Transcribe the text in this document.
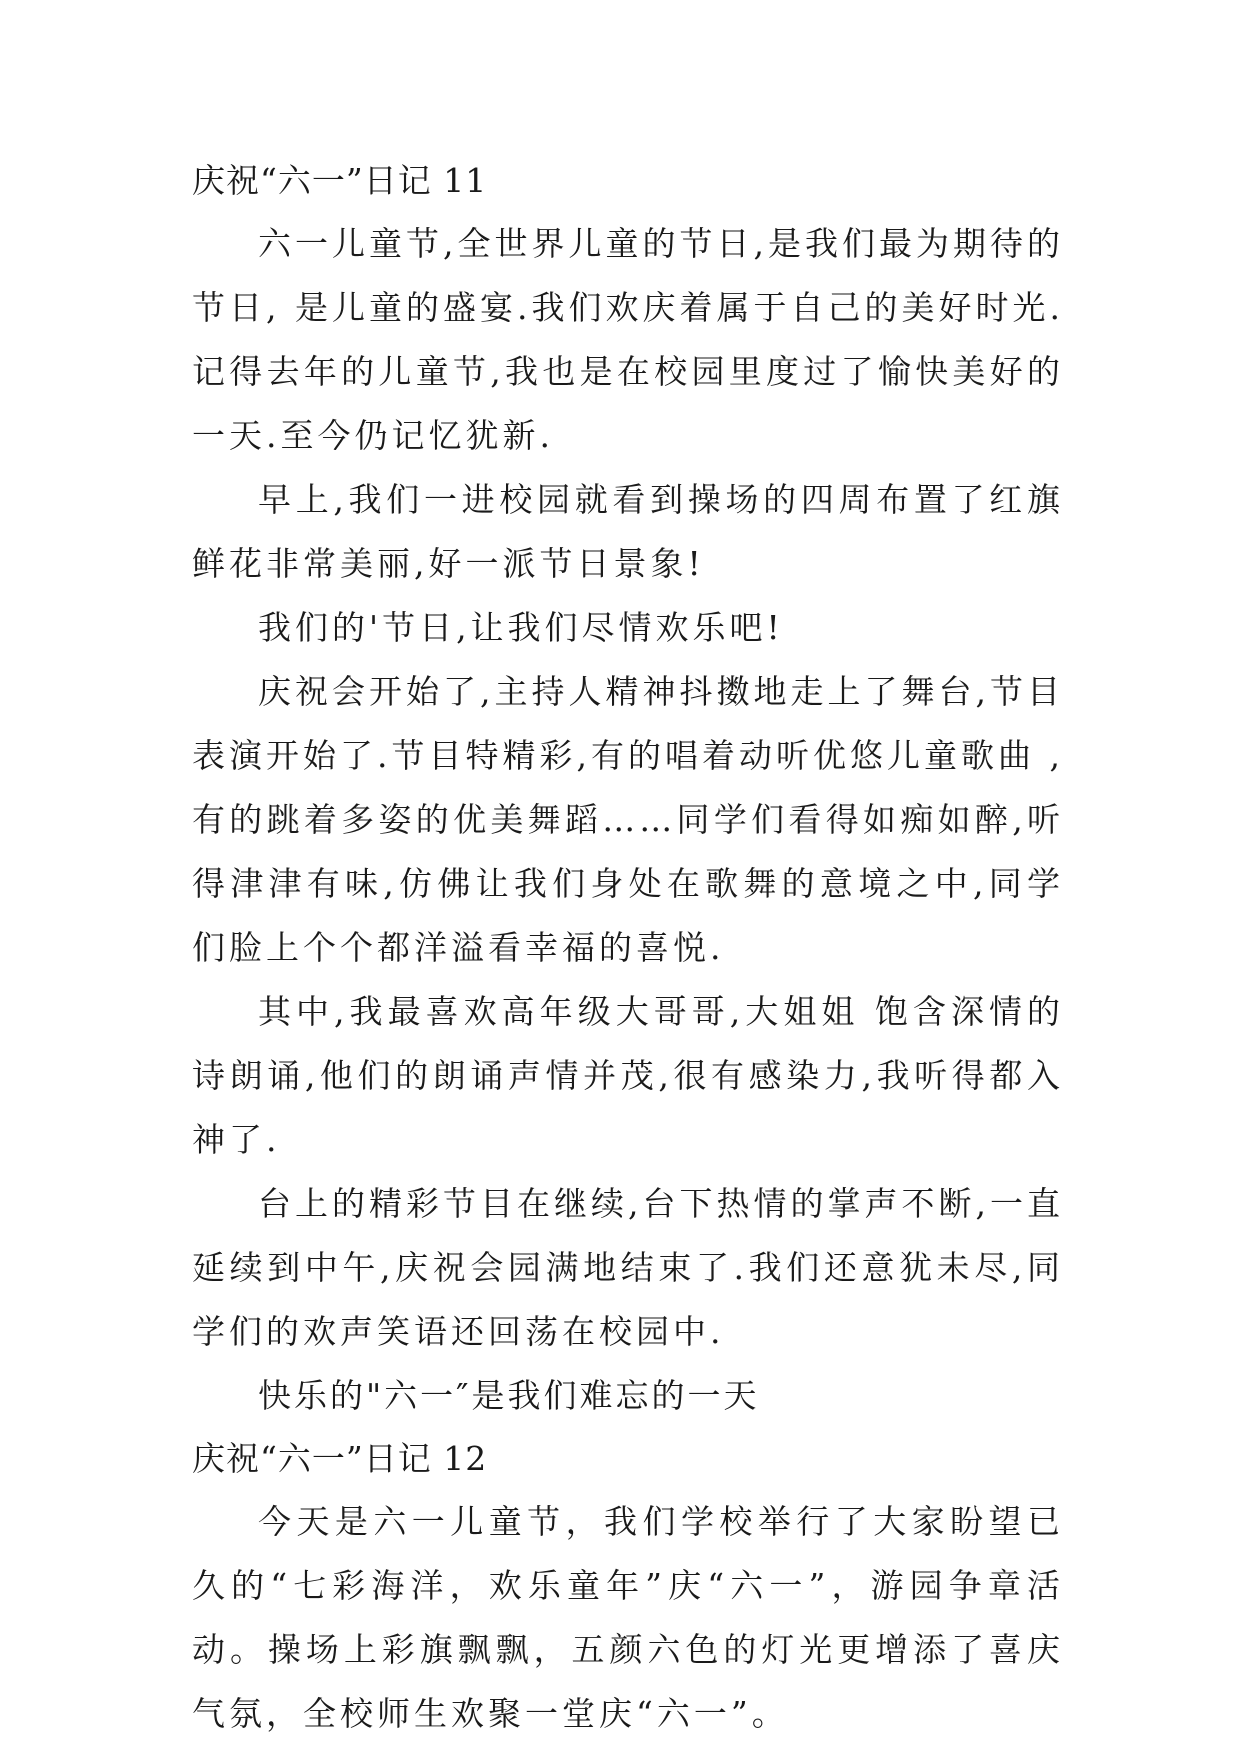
庆祝“六一”日记 11

六一儿童节,全世界儿童的节日,是我们最为期待的节日, 是儿童的盛宴.我们欢庆着属于自己的美好时光.记得去年的儿童节,我也是在校园里度过了愉快美好的一天.至今仍记忆犹新.

早上,我们一进校园就看到操场的四周布置了红旗鲜花非常美丽,好一派节日景象!

我们的'节日,让我们尽情欢乐吧!

庆祝会开始了,主持人精神抖擞地走上了舞台,节目表演开始了.节目特精彩,有的唱着动听优悠儿童歌曲 ,有的跳着多姿的优美舞蹈……同学们看得如痴如醉,听得津津有味,仿佛让我们身处在歌舞的意境之中,同学们脸上个个都洋溢看幸福的喜悦.

其中,我最喜欢高年级大哥哥,大姐姐 饱含深情的诗朗诵,他们的朗诵声情并茂,很有感染力,我听得都入神了.

台上的精彩节目在继续,台下热情的掌声不断,一直延续到中午,庆祝会园满地结束了.我们还意犹未尽,同学们的欢声笑语还回荡在校园中.

快乐的"六一″是我们难忘的一天

庆祝“六一”日记 12

今天是六一儿童节，我们学校举行了大家盼望已久的“七彩海洋，欢乐童年”庆“六一”，游园争章活动。操场上彩旗飘飘，五颜六色的灯光更增添了喜庆气氛，全校师生欢聚一堂庆“六一”。
